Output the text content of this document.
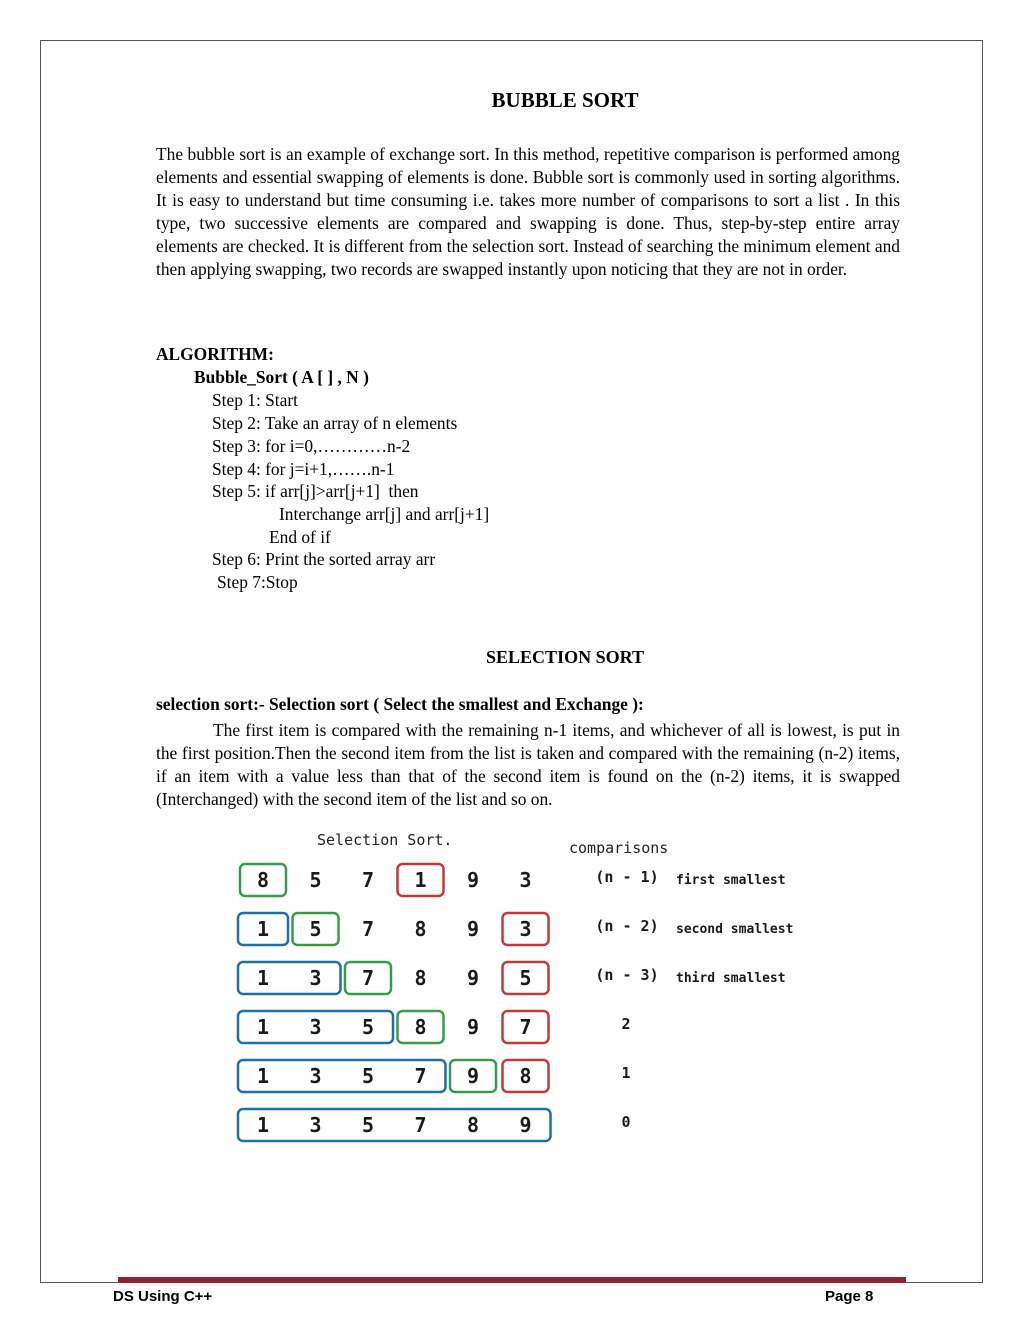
BUBBLE SORT

The bubble sort is an example of exchange sort. In this method, repetitive comparison is performed among elements and essential swapping of elements is done. Bubble sort is commonly used in sorting algorithms. It is easy to understand but time consuming i.e. takes more number of comparisons to sort a list . In this type, two successive elements are compared and swapping is done. Thus, step-by-step entire array elements are checked. It is different from the selection sort. Instead of searching the minimum element and then applying swapping, two records are swapped instantly upon noticing that they are not in order.

ALGORITHM:

Bubble_Sort ( A [ ] , N )

Step 1: Start

Step 2: Take an array of n elements

Step 3: for i=0,…………n-2

Step 4: for j=i+1,…….n-1

Step 5: if arr[j]>arr[j+1]  then

Interchange arr[j] and arr[j+1]

End of if

Step 6: Print the sorted array arr

Step 7:Stop

SELECTION SORT

selection sort:- Selection sort ( Select the smallest and Exchange ):

The first item is compared with the remaining n-1 items, and whichever of all is lowest, is put in the first position.Then the second item from the list is taken and compared with the remaining (n-2) items, if an item with a value less than that of the second item is found on the (n-2) items, it is swapped (Interchanged) with the second item of the list and so on.

Selection Sort.	comparisons
8 5 7 1 9 3	(n - 1) first smallest
1 5 7 8 9 3	(n - 2) second smallest
1 3 7 8 9 5	(n - 3) third smallest
1 3 5 8 9 7	2
1 3 5 7 9 8	1
1 3 5 7 8 9	0
DS Using C++	Page 8
